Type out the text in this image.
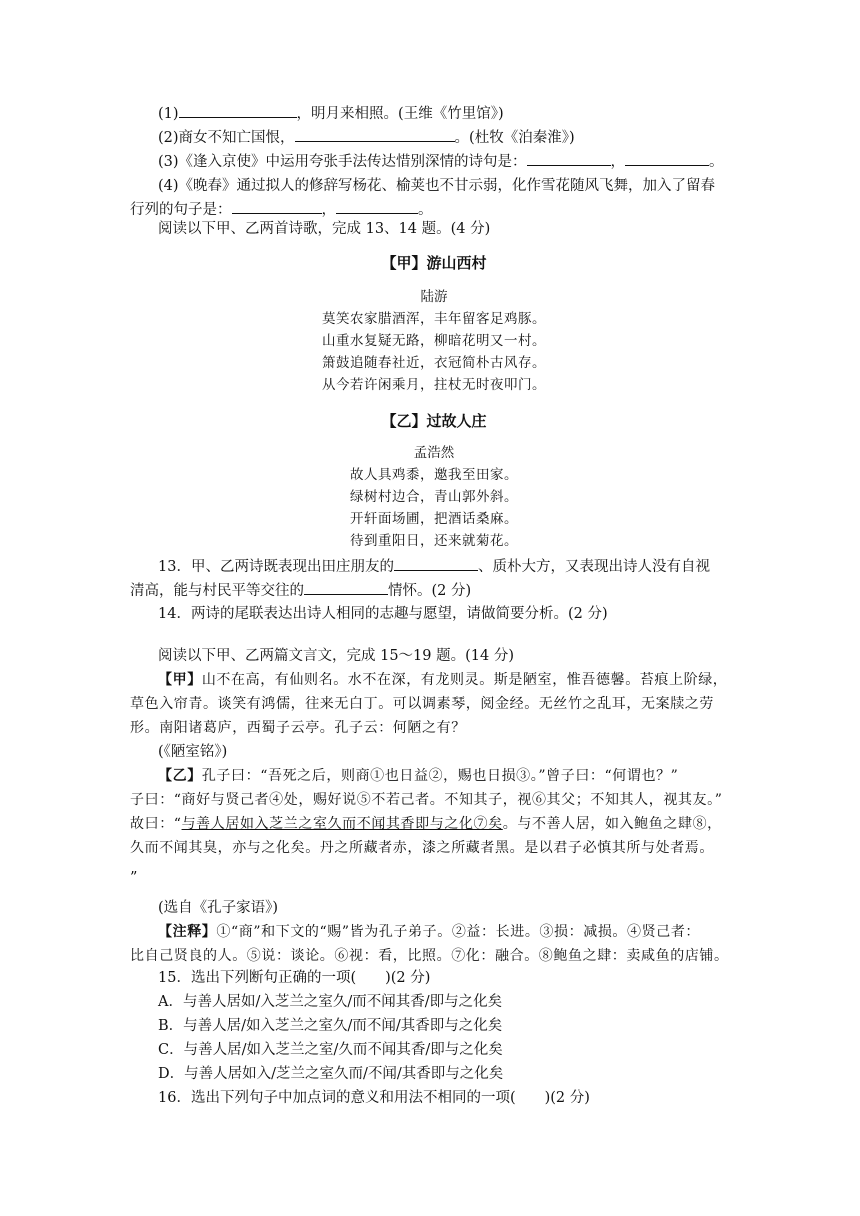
(1)	，明月来相照。(王维《竹里馆》)
(2)商女不知亡国恨，	。(杜牧《泊秦淮》)
(3)《逢入京使》中运用夸张手法传达惜别深情的诗句是：	，	。
(4)《晚春》通过拟人的修辞写杨花、榆荚也不甘示弱，化作雪花随风飞舞，加入了留春
行列的句子是：	，	。
阅读以下甲、乙两首诗歌，完成 13、14 题。(4 分)
【甲】游山西村
陆游
莫笑农家腊酒浑，丰年留客足鸡豚。
山重水复疑无路，柳暗花明又一村。
箫鼓追随春社近，衣冠简朴古风存。
从今若许闲乘月，拄杖无时夜叩门。
【乙】过故人庄
孟浩然
故人具鸡黍，邀我至田家。
绿树村边合，青山郭外斜。
开轩面场圃，把酒话桑麻。
待到重阳日，还来就菊花。
13．甲、乙两诗既表现出田庄朋友的	、质朴大方，又表现出诗人没有自视
清高，能与村民平等交往的	情怀。(2 分)
14．两诗的尾联表达出诗人相同的志趣与愿望，请做简要分析。(2 分)
阅读以下甲、乙两篇文言文，完成 15～19 题。(14 分)
【甲】山不在高，有仙则名。水不在深，有龙则灵。斯是陋室，惟吾德馨。苔痕上阶绿，
草色入帘青。谈笑有鸿儒，往来无白丁。可以调素琴，阅金经。无丝竹之乱耳，无案牍之劳
形。南阳诸葛庐，西蜀子云亭。孔子云：何陋之有？
(《陋室铭》)
【乙】孔子曰：“吾死之后，则商①也日益②，赐也日损③。”曾子曰：“何谓也？”
子曰：“商好与贤己者④处，赐好说⑤不若己者。不知其子，视⑥其父；不知其人，视其友。”
故曰：“与善人居如入芝兰之室久而不闻其香即与之化⑦矣。与不善人居，如入鲍鱼之肆⑧，
久而不闻其臭，亦与之化矣。丹之所藏者赤，漆之所藏者黑。是以君子必慎其所与处者焉。
”
(选自《孔子家语》)
【注释】①“商”和下文的“赐”皆为孔子弟子。②益：长进。③损：减损。④贤己者：
比自己贤良的人。⑤说：谈论。⑥视：看，比照。⑦化：融合。⑧鲍鱼之肆：卖咸鱼的店铺。
15．选出下列断句正确的一项(　　)(2 分)
A．与善人居如/入芝兰之室久/而不闻其香/即与之化矣
B．与善人居/如入芝兰之室久/而不闻/其香即与之化矣
C．与善人居/如入芝兰之室/久而不闻其香/即与之化矣
D．与善人居如入/芝兰之室久而/不闻/其香即与之化矣
16．选出下列句子中加点词的意义和用法不相同的一项(　　)(2 分)
